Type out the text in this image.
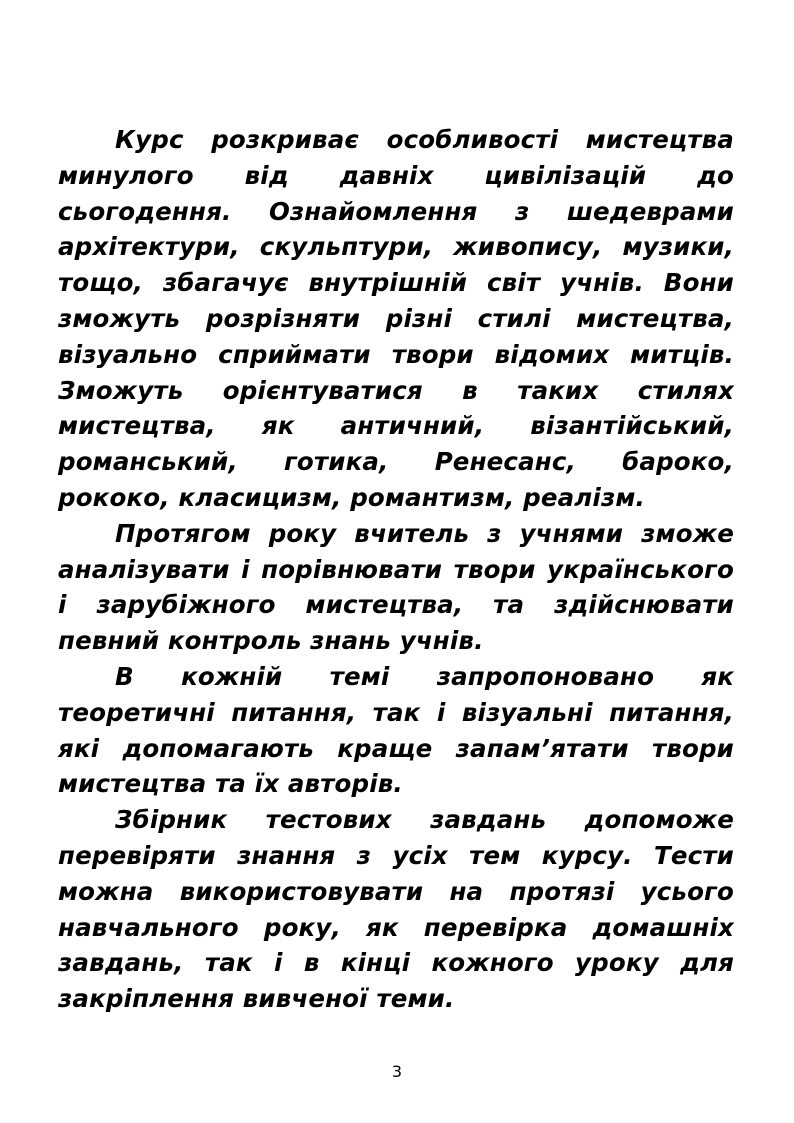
Курс розкриває особливості мистецтва минулого від давніх цивілізацій до сьогодення. Ознайомлення з шедеврами архітектури, скульптури, живопису, музики, тощо, збагачує внутрішній світ учнів. Вони зможуть розрізняти різні стилі мистецтва, візуально сприймати твори відомих митців. Зможуть орієнтуватися в таких стилях мистецтва, як античний, візантійський, романський, готика, Ренесанс, бароко, рококо, класицизм, романтизм, реалізм.

Протягом року вчитель з учнями зможе аналізувати і порівнювати твори українського і зарубіжного мистецтва, та здійснювати певний контроль знань учнів.

В кожній темі запропоновано як теоретичні питання, так і візуальні питання, які допомагають краще запам’ятати твори мистецтва та їх авторів.

Збірник тестових завдань допоможе перевіряти знання з усіх тем курсу. Тести можна використовувати на протязі усього навчального року, як перевірка домашніх завдань, так і в кінці кожного уроку для закріплення вивченої теми.

3
